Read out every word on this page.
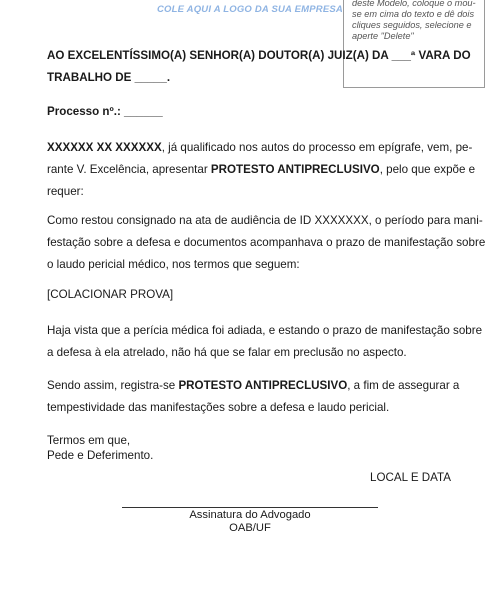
COLE AQUI A LOGO DA SUA EMPRESA
deste Modelo, coloque o mou-
se em cima do texto e dê dois
cliques seguidos, selecione e
aperte "Delete"
AO EXCELENTÍSSIMO(A) SENHOR(A) DOUTOR(A) JUIZ(A) DA ___ª VARA DO
TRABALHO DE _____.
Processo nº.: ______
XXXXXX XX XXXXXX, já qualificado nos autos do processo em epígrafe, vem, pe-
rante V. Excelência, apresentar PROTESTO ANTIPRECLUSIVO, pelo que expõe e
requer:
Como restou consignado na ata de audiência de ID XXXXXXX, o período para mani-
festação sobre a defesa e documentos acompanhava o prazo de manifestação sobre
o laudo pericial médico, nos termos que seguem:
[COLACIONAR PROVA]
Haja vista que a perícia médica foi adiada, e estando o prazo de manifestação sobre
a defesa à ela atrelado, não há que se falar em preclusão no aspecto.
Sendo assim, registra-se PROTESTO ANTIPRECLUSIVO, a fim de assegurar a
tempestividade das manifestações sobre a defesa e laudo pericial.
Termos em que,
Pede e Deferimento.
LOCAL E DATA
Assinatura do Advogado
OAB/UF
